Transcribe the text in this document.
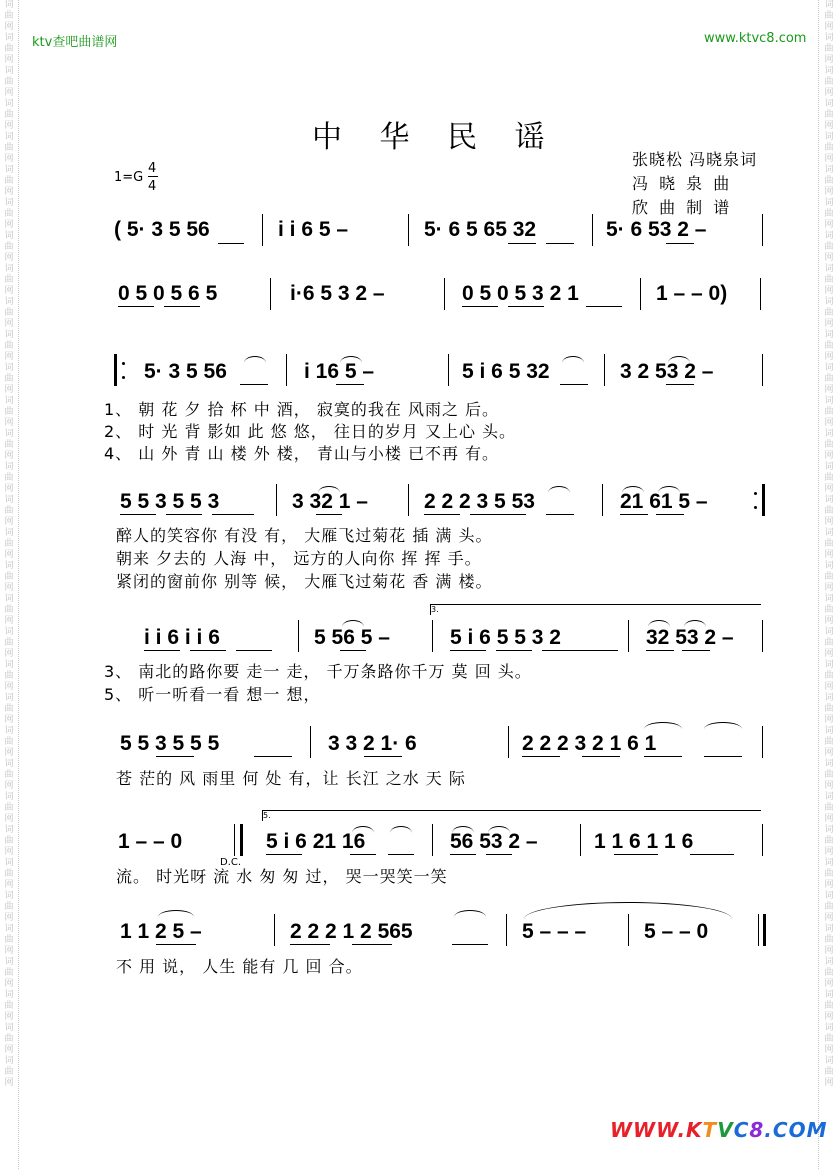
词曲网词曲网词曲网词曲网词曲网词曲网词曲网词曲网词曲网词曲网词曲网词曲网词曲网词曲网词曲网词曲网词曲网词曲网词曲网词曲网词曲网词曲网词曲网词曲网词曲网词曲网词曲网词曲网词曲网词曲网词曲网词曲网词曲网
词曲网词曲网词曲网词曲网词曲网词曲网词曲网词曲网词曲网词曲网词曲网词曲网词曲网词曲网词曲网词曲网词曲网词曲网词曲网词曲网词曲网词曲网词曲网词曲网词曲网词曲网词曲网词曲网词曲网词曲网词曲网词曲网词曲网
ktv查吧曲谱网	www.ktvc8.com
中 华 民 谣
张晓松 冯晓泉词
冯 晓 泉 曲
欣 曲 制 谱
1=G
4
4
( 5· 3 5 56	i i 6 5 –	5· 6 5 65 32	5· 6 53 2 –
0 5 0 5 6 5	i·6 5 3 2 –	0 5 0 5 3 2 1	1 – – 0)
5· 3 5 56	i 16 5 –	5 i 6 5 32	3 2 53 2 –
1、 朝 花 夕 拾 杯 中 酒， 寂寞的我在 风雨之 后。
2、 时 光 背 影如 此 悠 悠， 往日的岁月 又上心 头。
4、 山 外 青 山 楼 外 楼， 青山与小楼 已不再 有。
5 5 3 5 5 3	3 32 1 –	2 2 2 3 5 53	21 61 5 –
醉人的笑容你 有没 有， 大雁飞过菊花 插 满 头。
朝来 夕去的 人海 中， 远方的人向你 挥 挥 手。
紧闭的窗前你 别等 候， 大雁飞过菊花 香 满 楼。
3.
i i 6 i i 6	5 56 5 –	5 i 6 5 5 3 2	32 53 2 –
3、 南北的路你要 走一 走， 千万条路你千万 莫 回 头。
5、 听一听看一看 想一 想，
5 5 3 5 5 5	3 3 2 1· 6	2 2 2 3 2 1 6 1
苍 茫的 风 雨里 何 处 有，让 长江 之水 天 际
5.
1 – – 0
D.C.
5 i 6 21 16	56 53 2 –	1 1 6 1 1 6
流。 时光呀 流 水 匆 匆 过， 哭一哭笑一笑
1 1 2 5 –	2 2 2 1 2 565	5 – – –	5 – – 0
不 用 说， 人生 能有 几 回 合。
WWW.KTVC8.COM
